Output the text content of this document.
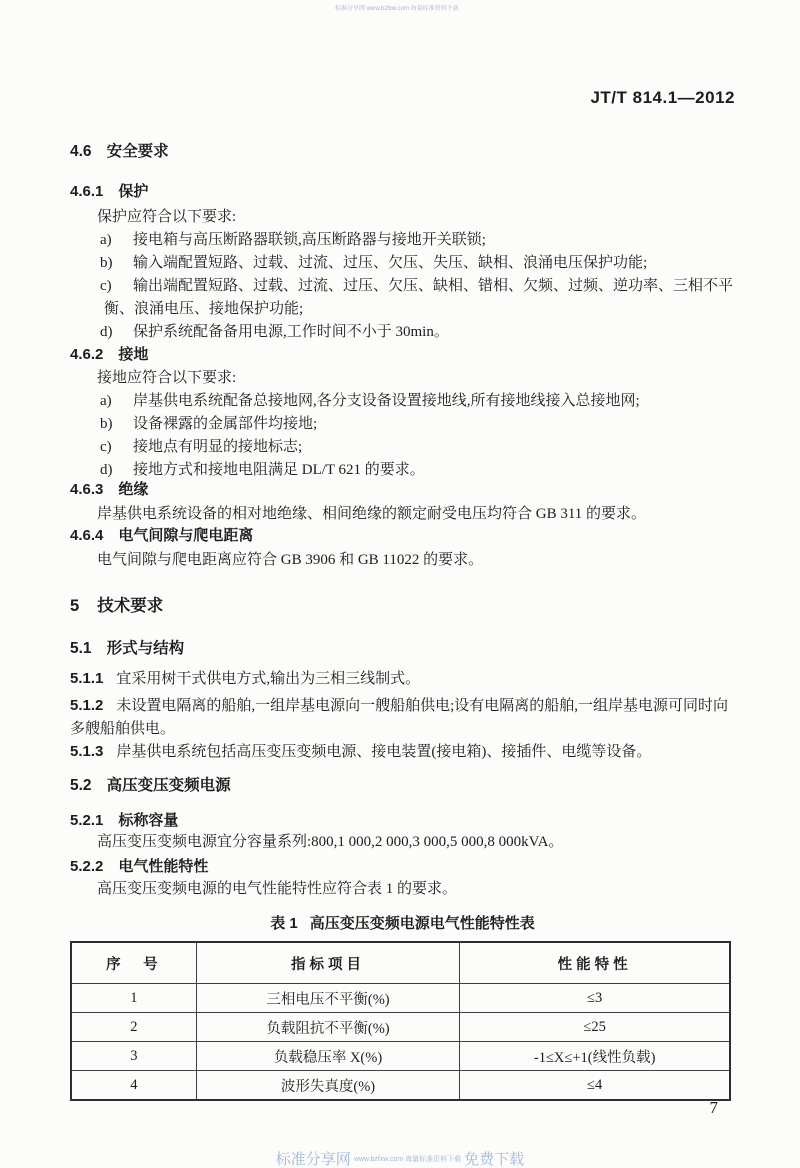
标准分享网 www.bzfxw.com 海量标准资料下载
JT/T 814.1—2012
4.6 安全要求
4.6.1 保护

保护应符合以下要求:

a) 接电箱与高压断路器联锁,高压断路器与接地开关联锁;
b) 输入端配置短路、过载、过流、过压、欠压、失压、缺相、浪涌电压保护功能;
c) 输出端配置短路、过载、过流、过压、欠压、缺相、错相、欠频、过频、逆功率、三相不平衡、浪涌电压、接地保护功能;
d) 保护系统配备备用电源,工作时间不小于 30min。
4.6.2 接地

接地应符合以下要求:

a) 岸基供电系统配备总接地网,各分支设备设置接地线,所有接地线接入总接地网;
b) 设备裸露的金属部件均接地;
c) 接地点有明显的接地标志;
d) 接地方式和接地电阻满足 DL/T 621 的要求。
4.6.3 绝缘

岸基供电系统设备的相对地绝缘、相间绝缘的额定耐受电压均符合 GB 311 的要求。

4.6.4 电气间隙与爬电距离

电气间隙与爬电距离应符合 GB 3906 和 GB 11022 的要求。

5 技术要求
5.1 形式与结构
5.1.1 宜采用树干式供电方式,输出为三相三线制式。
5.1.2 未设置电隔离的船舶,一组岸基电源向一艘船舶供电;设有电隔离的船舶,一组岸基电源可同时向多艘船舶供电。
5.1.3 岸基供电系统包括高压变压变频电源、接电装置(接电箱)、接插件、电缆等设备。
5.2 高压变压变频电源
5.2.1 标称容量

高压变压变频电源宜分容量系列:800,1 000,2 000,3 000,5 000,8 000kVA。

5.2.2 电气性能特性

高压变压变频电源的电气性能特性应符合表 1 的要求。

表 1 高压变压变频电源电气性能特性表
序　号	指标项目	性能特性
1	三相电压不平衡(%)	≤3
2	负载阻抗不平衡(%)	≤25
3	负载稳压率 X(%)	-1≤X≤+1(线性负载)
4	波形失真度(%)	≤4
7
标准分享网 www.bzfxw.com 海量标准资料下载 免费下载
